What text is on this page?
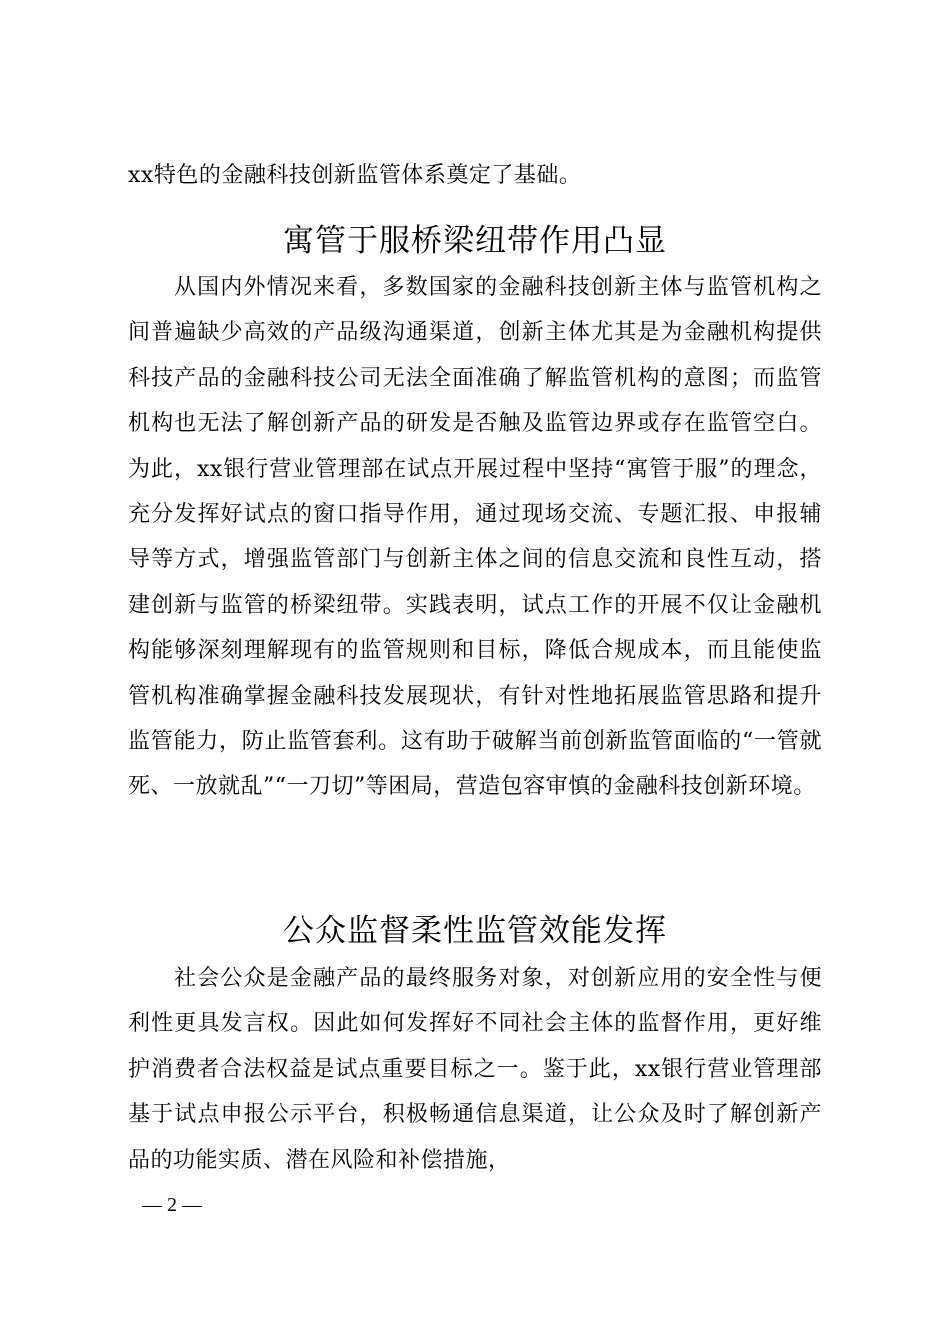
xx特色的金融科技创新监管体系奠定了基础。
寓管于服桥梁纽带作用凸显
从国内外情况来看，多数国家的金融科技创新主体与监管机构之间普遍缺少高效的产品级沟通渠道，创新主体尤其是为金融机构提供科技产品的金融科技公司无法全面准确了解监管机构的意图；而监管机构也无法了解创新产品的研发是否触及监管边界或存在监管空白。为此，xx银行营业管理部在试点开展过程中坚持“寓管于服”的理念，充分发挥好试点的窗口指导作用，通过现场交流、专题汇报、申报辅导等方式，增强监管部门与创新主体之间的信息交流和良性互动，搭建创新与监管的桥梁纽带。实践表明，试点工作的开展不仅让金融机构能够深刻理解现有的监管规则和目标，降低合规成本，而且能使监管机构准确掌握金融科技发展现状，有针对性地拓展监管思路和提升监管能力，防止监管套利。这有助于破解当前创新监管面临的“一管就死、一放就乱”“一刀切”等困局，营造包容审慎的金融科技创新环境。
公众监督柔性监管效能发挥
社会公众是金融产品的最终服务对象，对创新应用的安全性与便利性更具发言权。因此如何发挥好不同社会主体的监督作用，更好维护消费者合法权益是试点重要目标之一。鉴于此，xx银行营业管理部基于试点申报公示平台，积极畅通信息渠道，让公众及时了解创新产品的功能实质、潜在风险和补偿措施，
— 2 —
